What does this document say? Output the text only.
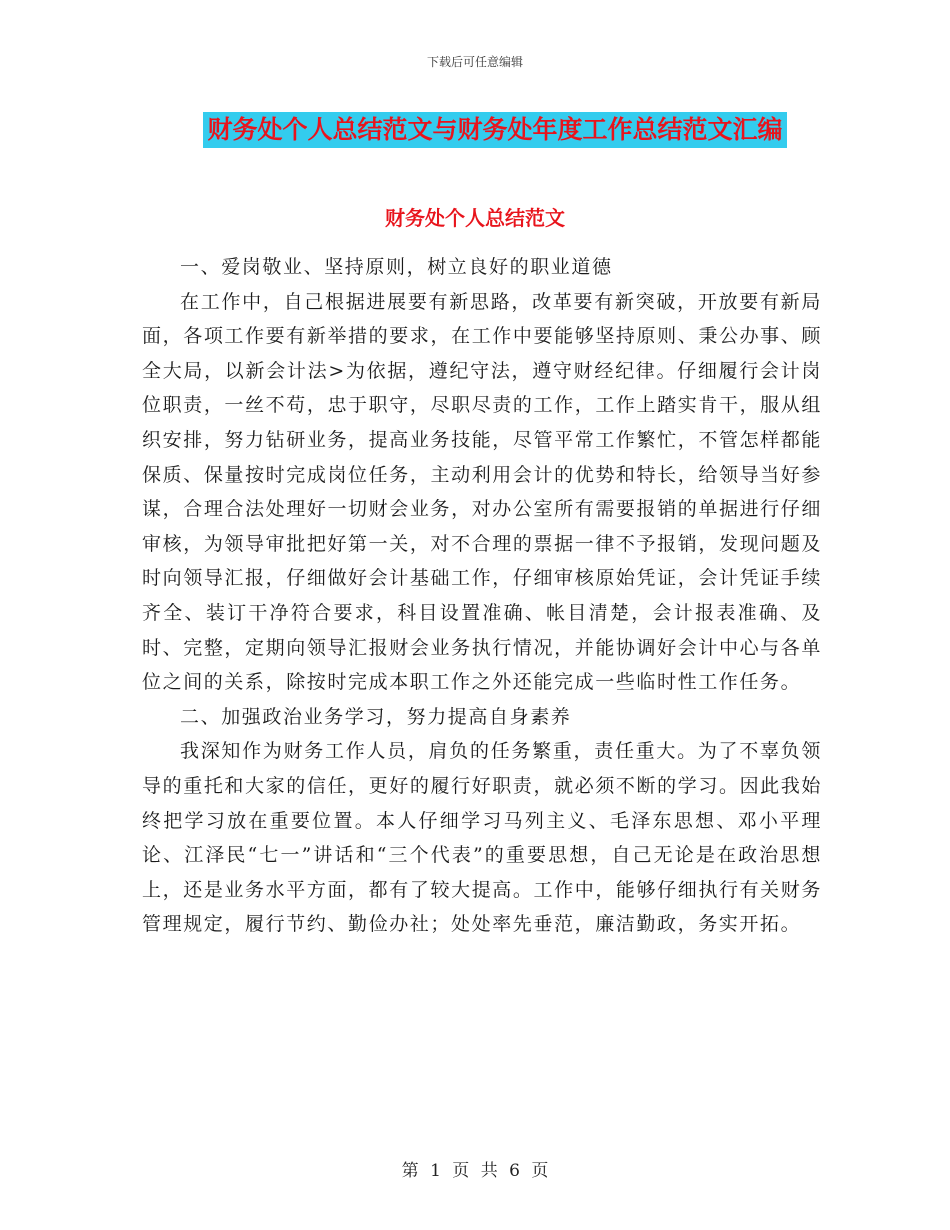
下载后可任意编辑
财务处个人总结范文与财务处年度工作总结范文汇编
财务处个人总结范文

一、爱岗敬业、坚持原则，树立良好的职业道德

在工作中，自己根据进展要有新思路，改革要有新突破，开放要有新局面，各项工作要有新举措的要求，在工作中要能够坚持原则、秉公办事、顾全大局，以新会计法>为依据，遵纪守法，遵守财经纪律。仔细履行会计岗位职责，一丝不苟，忠于职守，尽职尽责的工作，工作上踏实肯干，服从组织安排，努力钻研业务，提高业务技能，尽管平常工作繁忙，不管怎样都能保质、保量按时完成岗位任务，主动利用会计的优势和特长，给领导当好参谋，合理合法处理好一切财会业务，对办公室所有需要报销的单据进行仔细审核，为领导审批把好第一关，对不合理的票据一律不予报销，发现问题及时向领导汇报，仔细做好会计基础工作，仔细审核原始凭证，会计凭证手续齐全、装订干净符合要求，科目设置准确、帐目清楚，会计报表准确、及时、完整，定期向领导汇报财会业务执行情况，并能协调好会计中心与各单位之间的关系，除按时完成本职工作之外还能完成一些临时性工作任务。

二、加强政治业务学习，努力提高自身素养

我深知作为财务工作人员，肩负的任务繁重，责任重大。为了不辜负领导的重托和大家的信任，更好的履行好职责，就必须不断的学习。因此我始终把学习放在重要位置。本人仔细学习马列主义、毛泽东思想、邓小平理论、江泽民“七一”讲话和“三个代表”的重要思想，自己无论是在政治思想上，还是业务水平方面，都有了较大提高。工作中，能够仔细执行有关财务管理规定，履行节约、勤俭办社；处处率先垂范，廉洁勤政，务实开拓。

第 1 页 共 6 页
